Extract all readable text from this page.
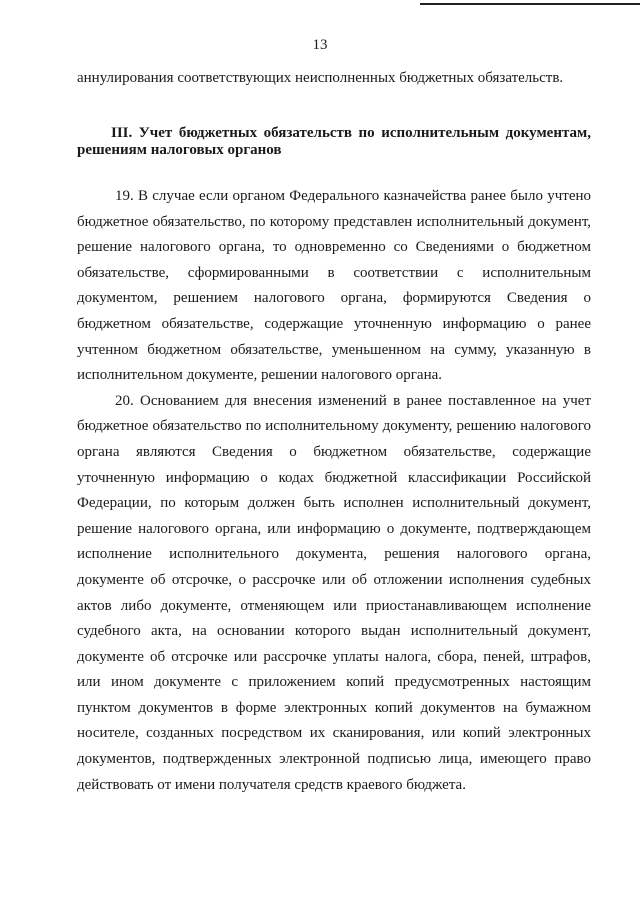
13

аннулирования соответствующих неисполненных бюджетных обязательств.

III. Учет бюджетных обязательств по исполнительным документам, решениям налоговых органов

19. В случае если органом Федерального казначейства ранее было учтено бюджетное обязательство, по которому представлен исполнительный документ, решение налогового органа, то одновременно со Сведениями о бюджетном обязательстве, сформированными в соответствии с исполнительным документом, решением налогового органа, формируются Сведения о бюджетном обязательстве, содержащие уточненную информацию о ранее учтенном бюджетном обязательстве, уменьшенном на сумму, указанную в исполнительном документе, решении налогового органа.

20. Основанием для внесения изменений в ранее поставленное на учет бюджетное обязательство по исполнительному документу, решению налогового органа являются Сведения о бюджетном обязательстве, содержащие уточненную информацию о кодах бюджетной классификации Российской Федерации, по которым должен быть исполнен исполнительный документ, решение налогового органа, или информацию о документе, подтверждающем исполнение исполнительного документа, решения налогового органа, документе об отсрочке, о рассрочке или об отложении исполнения судебных актов либо документе, отменяющем или приостанавливающем исполнение судебного акта, на основании которого выдан исполнительный документ, документе об отсрочке или рассрочке уплаты налога, сбора, пеней, штрафов, или ином документе с приложением копий предусмотренных настоящим пунктом документов в форме электронных копий документов на бумажном носителе, созданных посредством их сканирования, или копий электронных документов, подтвержденных электронной подписью лица, имеющего право действовать от имени получателя средств краевого бюджета.
